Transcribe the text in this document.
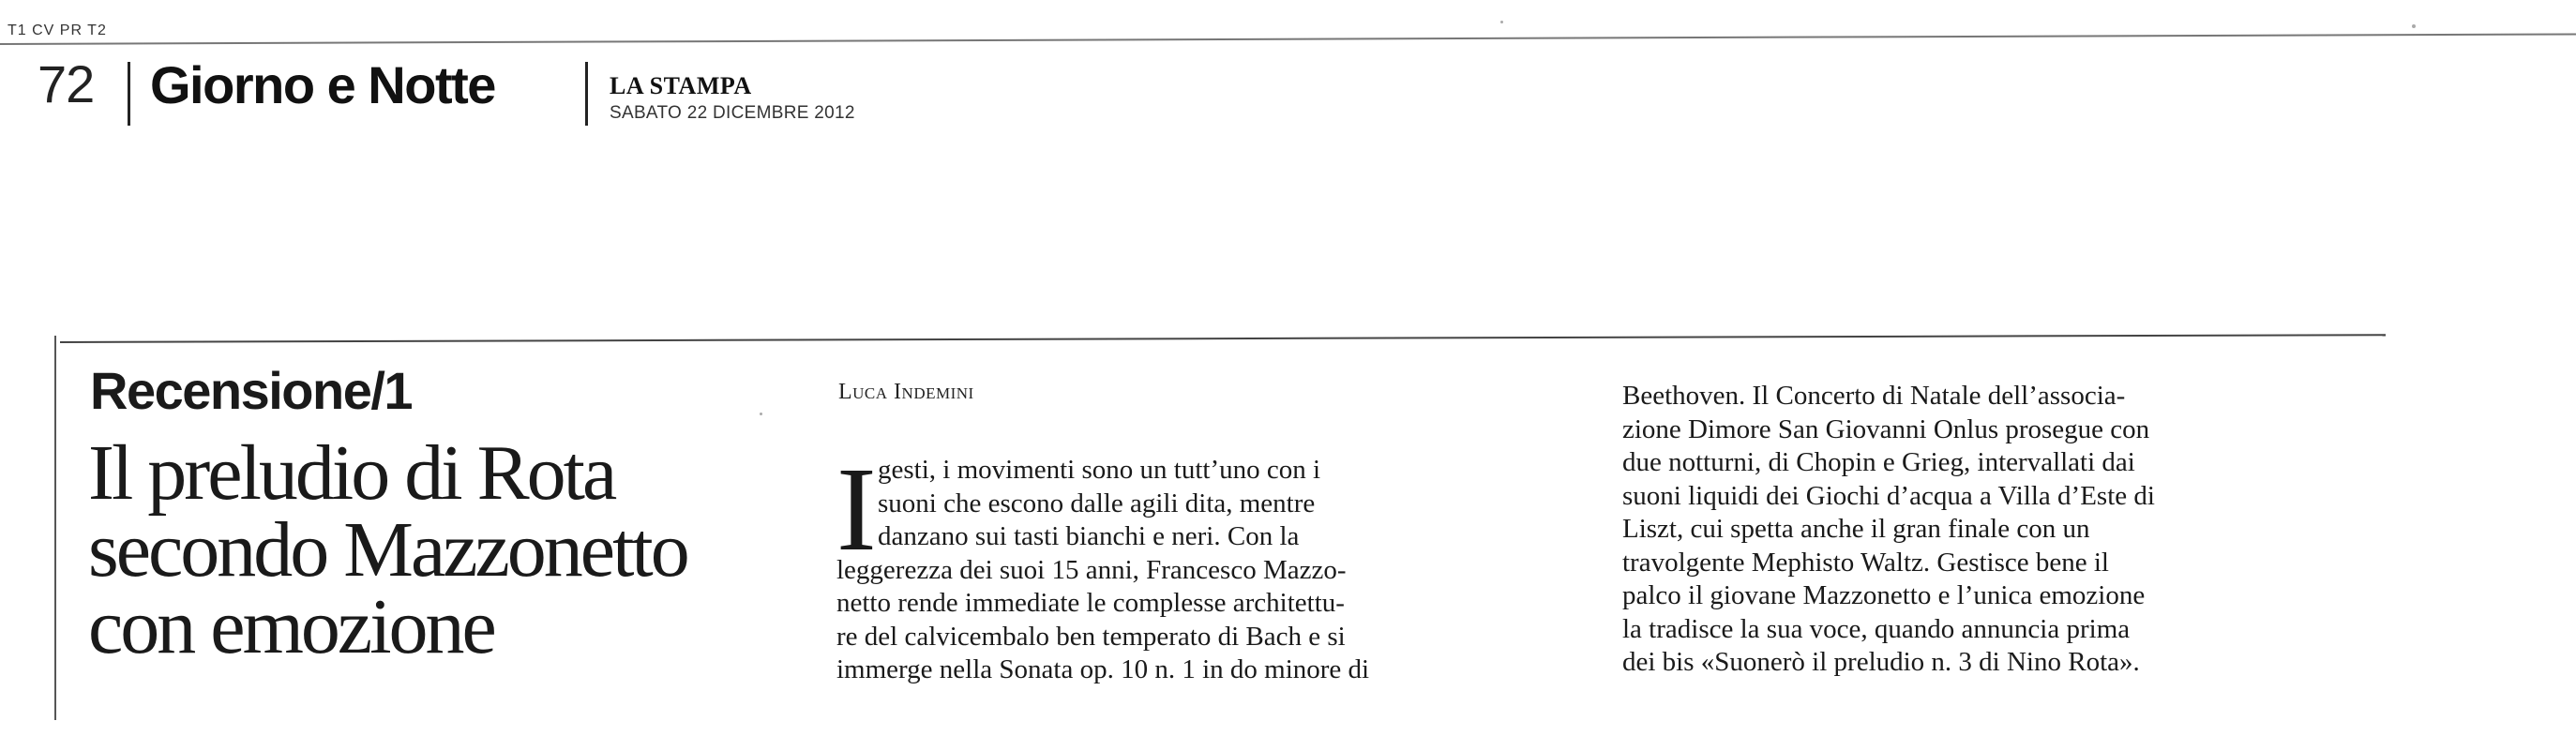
T1 CV PR T2
72 Giorno e Notte	LA STAMPA
SABATO 22 DICEMBRE 2012
Recensione/1
Il preludio di Rota
secondo Mazzonetto
con emozione
Luca Indemini
I gesti, i movimenti sono un tutt’uno con i
suoni che escono dalle agili dita, mentre
danzano sui tasti bianchi e neri. Con la
leggerezza dei suoi 15 anni, Francesco Mazzo-
netto rende immediate le complesse architettu-
re del calvicembalo ben temperato di Bach e si
immerge nella Sonata op. 10 n. 1 in do minore di
Beethoven. Il Concerto di Natale dell’associa-
zione Dimore San Giovanni Onlus prosegue con
due notturni, di Chopin e Grieg, intervallati dai
suoni liquidi dei Giochi d’acqua a Villa d’Este di
Liszt, cui spetta anche il gran finale con un
travolgente Mephisto Waltz. Gestisce bene il
palco il giovane Mazzonetto e l’unica emozione
la tradisce la sua voce, quando annuncia prima
dei bis «Suonerò il preludio n. 3 di Nino Rota».
